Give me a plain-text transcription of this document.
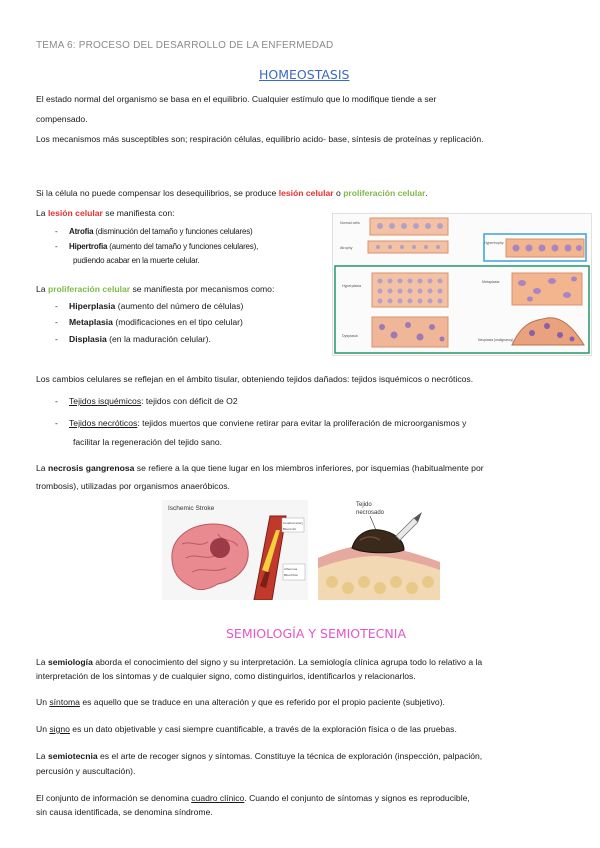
TEMA 6: PROCESO DEL DESARROLLO DE LA ENFERMEDAD
HOMEOSTASIS
El estado normal del organismo se basa en el equilibrio. Cualquier estímulo que lo modifique tiende a ser
compensado.
Los mecanismos más susceptibles son; respiración células, equilibrio acido- base, síntesis de proteínas y replicación.
Si la célula no puede compensar los desequilibrios, se produce lesión celular o proliferación celular.
La lesión celular se manifiesta con:
- Atrofia (disminución del tamaño y funciones celulares)
- Hipertrofia (aumento del tamaño y funciones celulares),
pudiendo acabar en la muerte celular.
La proliferación celular se manifiesta por mecanismos como:
- Hiperplasia (aumento del número de células)
- Metaplasia (modificaciones en el tipo celular)
- Displasia (en la maduración celular).
Normal cells
Atrophy
Hypertrophy
Hyperplasia
Metaplasia
Dysplasia
Neoplasia (malignancy)
Los cambios celulares se reflejan en el ámbito tisular, obteniendo tejidos dañados: tejidos isquémicos o necróticos.
- Tejidos isquémicos: tejidos con déficit de O2
- Tejidos necróticos: tejidos muertos que conviene retirar para evitar la proliferación de microorganismos y
facilitar la regeneración del tejido sano.
La necrosis gangrenosa se refiere a la que tiene lugar en los miembros inferiores, por isquemias (habitualmente por
trombosis), utilizadas por organismos anaeróbicos.
Ischemic Stroke
Cerebral artery
Blood clot
Atheroma
Blood flow
Tejido
necrosado
SEMIOLOGÍA Y SEMIOTECNIA
La semiología aborda el conocimiento del signo y su interpretación. La semiología clínica agrupa todo lo relativo a la
interpretación de los síntomas y de cualquier signo, como distinguirlos, identificarlos y relacionarlos.
Un síntoma es aquello que se traduce en una alteración y que es referido por el propio paciente (subjetivo).
Un signo es un dato objetivable y casi siempre cuantificable, a través de la exploración física o de las pruebas.
La semiotecnia es el arte de recoger signos y síntomas. Constituye la técnica de exploración (inspección, palpación,
percusión y auscultación).
El conjunto de información se denomina cuadro clínico. Cuando el conjunto de síntomas y signos es reproducible,
sin causa identificada, se denomina síndrome.
